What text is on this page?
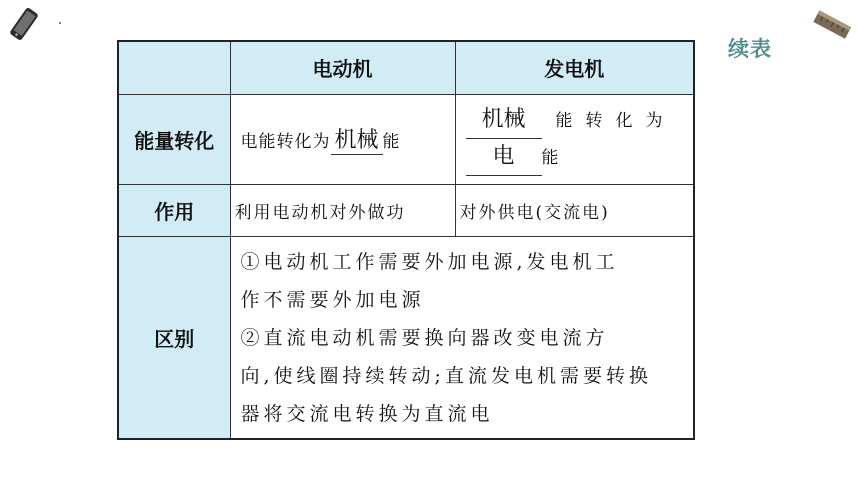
续表
	电动机	发电机
能量转化	电能转化为 机械 能	机械 能转化为
电 能

作用	利用电动机对外做功	对外供电(交流电)
区别	①电动机工作需要外加电源,发电机工
作不需要外加电源
②直流电动机需要换向器改变电流方
向,使线圈持续转动;直流发电机需要转换
器将交流电转换为直流电	
